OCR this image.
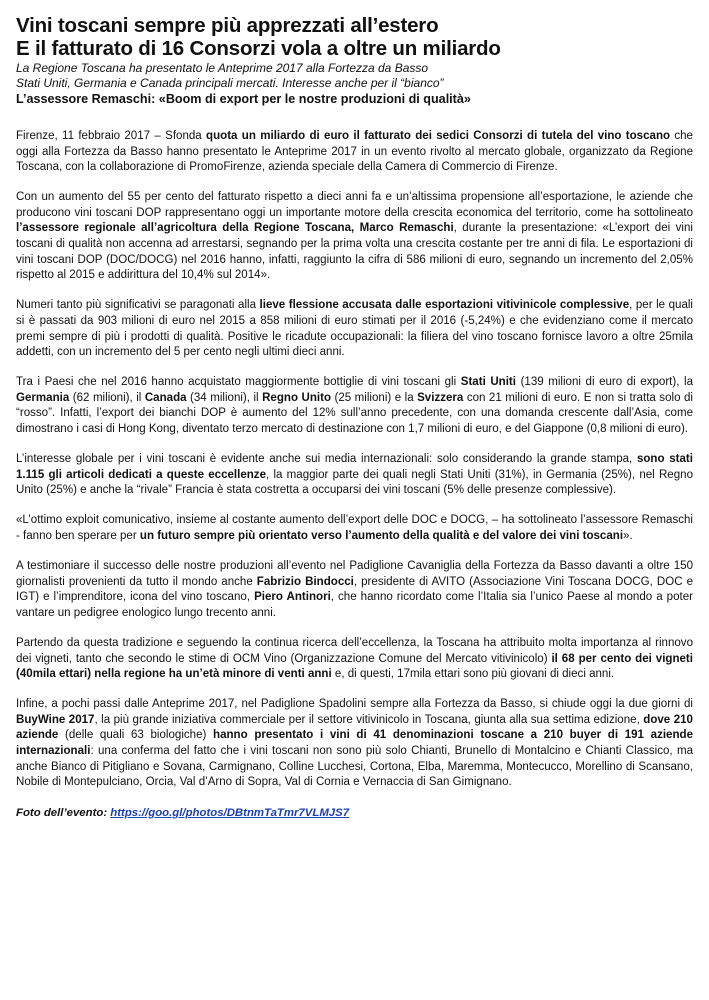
Vini toscani sempre più apprezzati all’estero
E il fatturato di 16 Consorzi vola a oltre un miliardo
La Regione Toscana ha presentato le Anteprime 2017 alla Fortezza da Basso
Stati Uniti, Germania e Canada principali mercati. Interesse anche per il “bianco”
L’assessore Remaschi: «Boom di export per le nostre produzioni di qualità»

Firenze, 11 febbraio 2017 – Sfonda quota un miliardo di euro il fatturato dei sedici Consorzi di tutela del vino toscano che oggi alla Fortezza da Basso hanno presentato le Anteprime 2017 in un evento rivolto al mercato globale, organizzato da Regione Toscana, con la collaborazione di PromoFirenze, azienda speciale della Camera di Commercio di Firenze.

Con un aumento del 55 per cento del fatturato rispetto a dieci anni fa e un’altissima propensione all’esportazione, le aziende che producono vini toscani DOP rappresentano oggi un importante motore della crescita economica del territorio, come ha sottolineato l’assessore regionale all’agricoltura della Regione Toscana, Marco Remaschi, durante la presentazione: «L’export dei vini toscani di qualità non accenna ad arrestarsi, segnando per la prima volta una crescita costante per tre anni di fila. Le esportazioni di vini toscani DOP (DOC/DOCG) nel 2016 hanno, infatti, raggiunto la cifra di 586 milioni di euro, segnando un incremento del 2,05% rispetto al 2015 e addirittura del 10,4% sul 2014».

Numeri tanto più significativi se paragonati alla lieve flessione accusata dalle esportazioni vitivinicole complessive, per le quali si è passati da 903 milioni di euro nel 2015 a 858 milioni di euro stimati per il 2016 (-5,24%) e che evidenziano come il mercato premi sempre di più i prodotti di qualità. Positive le ricadute occupazionali: la filiera del vino toscano fornisce lavoro a oltre 25mila addetti, con un incremento del 5 per cento negli ultimi dieci anni.

Tra i Paesi che nel 2016 hanno acquistato maggiormente bottiglie di vini toscani gli Stati Uniti (139 milioni di euro di export), la Germania (62 milioni), il Canada (34 milioni), il Regno Unito (25 milioni) e la Svizzera con 21 milioni di euro. E non si tratta solo di “rosso”. Infatti, l’export dei bianchi DOP è aumento del 12% sull’anno precedente, con una domanda crescente dall’Asia, come dimostrano i casi di Hong Kong, diventato terzo mercato di destinazione con 1,7 milioni di euro, e del Giappone (0,8 milioni di euro).

L’interesse globale per i vini toscani è evidente anche sui media internazionali: solo considerando la grande stampa, sono stati 1.115 gli articoli dedicati a queste eccellenze, la maggior parte dei quali negli Stati Uniti (31%), in Germania (25%), nel Regno Unito (25%) e anche la “rivale” Francia è stata costretta a occuparsi dei vini toscani (5% delle presenze complessive).

«L’ottimo exploit comunicativo, insieme al costante aumento dell’export delle DOC e DOCG, – ha sottolineato l’assessore Remaschi - fanno ben sperare per un futuro sempre più orientato verso l’aumento della qualità e del valore dei vini toscani».

A testimoniare il successo delle nostre produzioni all’evento nel Padiglione Cavaniglia della Fortezza da Basso davanti a oltre 150 giornalisti provenienti da tutto il mondo anche Fabrizio Bindocci, presidente di AVITO (Associazione Vini Toscana DOCG, DOC e IGT) e l’imprenditore, icona del vino toscano, Piero Antinori, che hanno ricordato come l’Italia sia l’unico Paese al mondo a poter vantare un pedigree enologico lungo trecento anni.

Partendo da questa tradizione e seguendo la continua ricerca dell’eccellenza, la Toscana ha attribuito molta importanza al rinnovo dei vigneti, tanto che secondo le stime di OCM Vino (Organizzazione Comune del Mercato vitivinicolo) il 68 per cento dei vigneti (40mila ettari) nella regione ha un’età minore di venti anni e, di questi, 17mila ettari sono più giovani di dieci anni.

Infine, a pochi passi dalle Anteprime 2017, nel Padiglione Spadolini sempre alla Fortezza da Basso, si chiude oggi la due giorni di BuyWine 2017, la più grande iniziativa commerciale per il settore vitivinicolo in Toscana, giunta alla sua settima edizione, dove 210 aziende (delle quali 63 biologiche) hanno presentato i vini di 41 denominazioni toscane a 210 buyer di 191 aziende internazionali: una conferma del fatto che i vini toscani non sono più solo Chianti, Brunello di Montalcino e Chianti Classico, ma anche Bianco di Pitigliano e Sovana, Carmignano, Colline Lucchesi, Cortona, Elba, Maremma, Montecucco, Morellino di Scansano, Nobile di Montepulciano, Orcia, Val d’Arno di Sopra, Val di Cornia e Vernaccia di San Gimignano.

Foto dell’evento: https://goo.gl/photos/DBtnmTaTmr7VLMJS7
